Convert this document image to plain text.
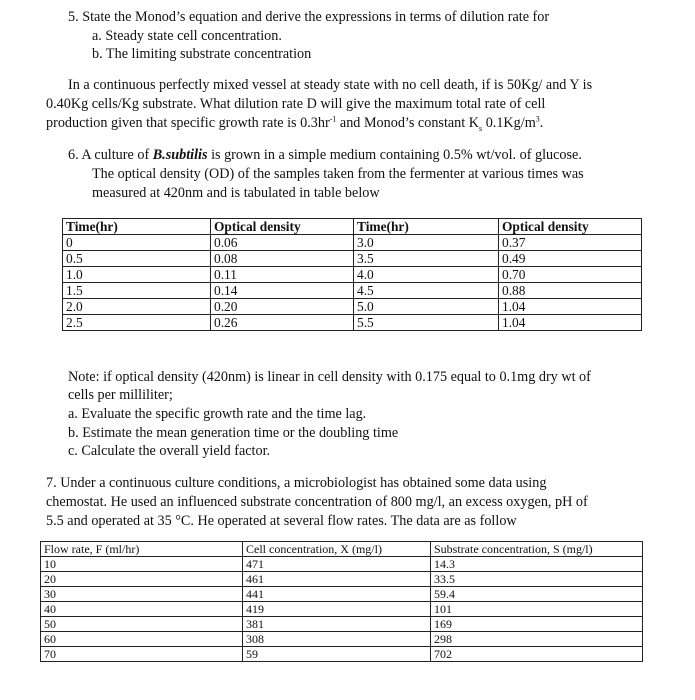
5. State the Monod’s equation and derive the expressions in terms of dilution rate for
a. Steady state cell concentration.
b. The limiting substrate concentration
In a continuous perfectly mixed vessel at steady state with no cell death, if is 50Kg/ and Y is
0.40Kg cells/Kg substrate. What dilution rate D will give the maximum total rate of cell
production given that specific growth rate is $0.3hr^{-1}$ and Monod’s constant $K_s$ $0.1Kg/m^3$.
6. A culture of B.subtilis is grown in a simple medium containing 0.5% wt/vol. of glucose.
The optical density (OD) of the samples taken from the fermenter at various times was
measured at 420nm and is tabulated in table below
Time(hr)	Optical density	Time(hr)	Optical density
0	0.06	3.0	0.37
0.5	0.08	3.5	0.49
1.0	0.11	4.0	0.70
1.5	0.14	4.5	0.88
2.0	0.20	5.0	1.04
2.5	0.26	5.5	1.04
Note: if optical density (420nm) is linear in cell density with 0.175 equal to 0.1mg dry wt of
cells per milliliter;
a. Evaluate the specific growth rate and the time lag.
b. Estimate the mean generation time or the doubling time
c. Calculate the overall yield factor.
7. Under a continuous culture conditions, a microbiologist has obtained some data using
chemostat. He used an influenced substrate concentration of 800 mg/l, an excess oxygen, pH of
5.5 and operated at 35 °C. He operated at several flow rates. The data are as follow
Flow rate, F (ml/hr)	Cell concentration, X (mg/l)	Substrate concentration, S (mg/l)
10	471	14.3
20	461	33.5
30	441	59.4
40	419	101
50	381	169
60	308	298
70	59	702
